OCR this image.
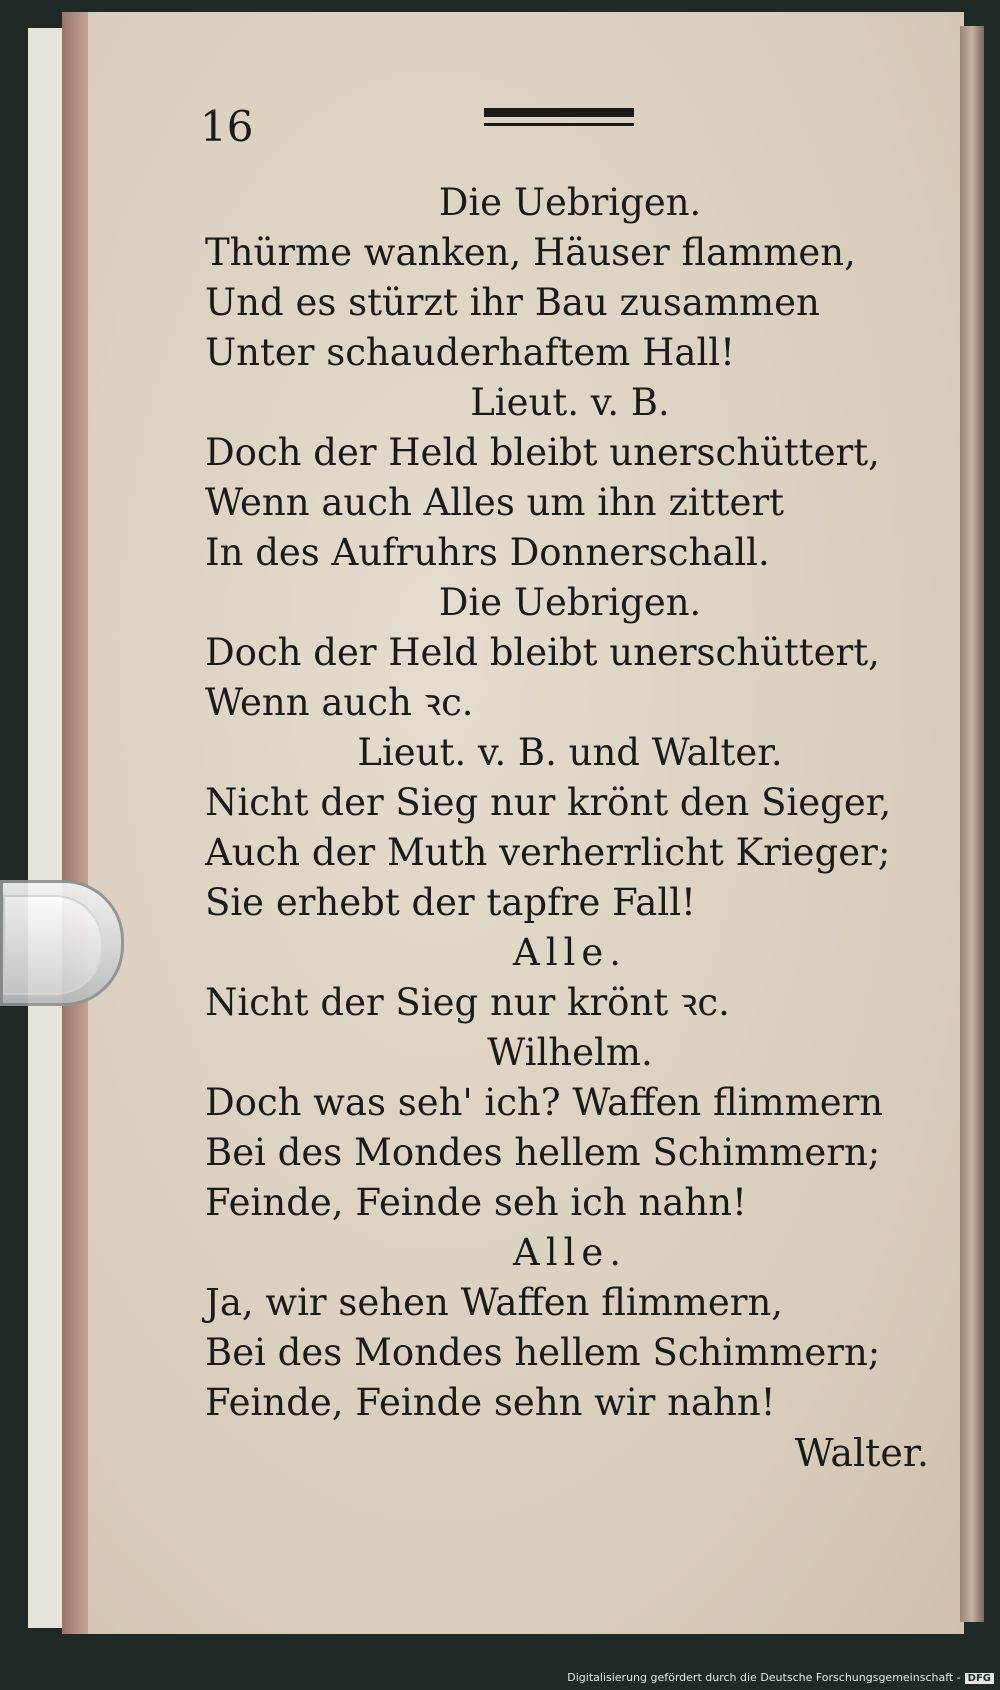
16
Die Uebrigen.
Thürme wanken, Häuser flammen,
Und es stürzt ihr Bau zusammen
Unter schauderhaftem Hall!
Lieut. v. B.
Doch der Held bleibt unerschüttert,
Wenn auch Alles um ihn zittert
In des Aufruhrs Donnerschall.
Die Uebrigen.
Doch der Held bleibt unerschüttert,
Wenn auch ꝛc.
Lieut. v. B. und Walter.
Nicht der Sieg nur krönt den Sieger,
Auch der Muth verherrlicht Krieger;
Sie erhebt der tapfre Fall!
Alle.
Nicht der Sieg nur krönt ꝛc.
Wilhelm.
Doch was seh' ich? Waffen flimmern
Bei des Mondes hellem Schimmern;
Feinde, Feinde seh ich nahn!
Alle.
Ja, wir sehen Waffen flimmern,
Bei des Mondes hellem Schimmern;
Feinde, Feinde sehn wir nahn!
Walter.
Digitalisierung gefördert durch die Deutsche Forschungsgemeinschaft - DFG
